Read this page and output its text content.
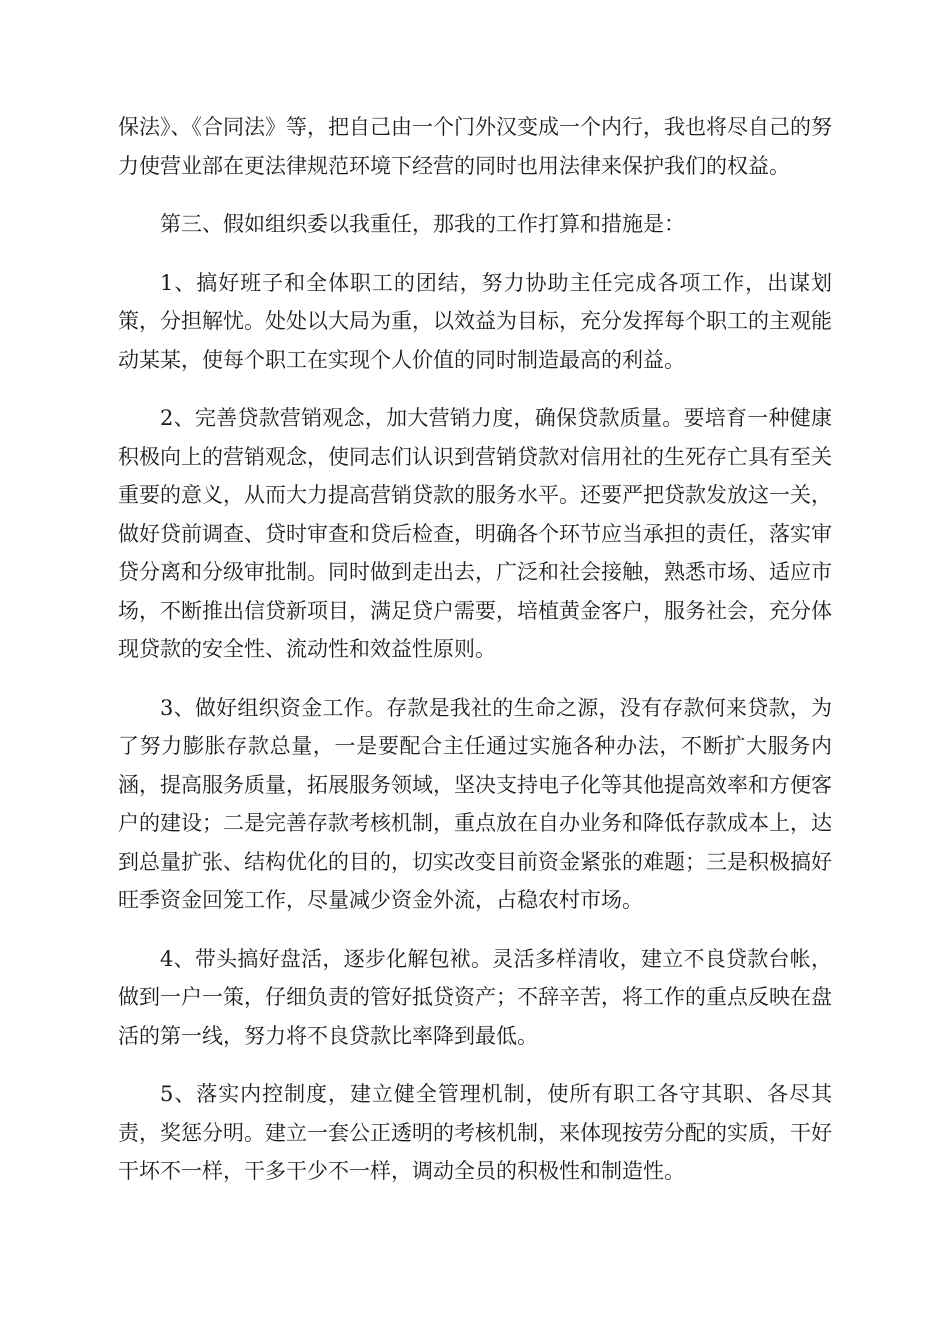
保法》、《合同法》等，把自己由一个门外汉变成一个内行，我也将尽自己的努力使营业部在更法律规范环境下经营的同时也用法律来保护我们的权益。

第三、假如组织委以我重任，那我的工作打算和措施是：

1、搞好班子和全体职工的团结，努力协助主任完成各项工作，出谋划策，分担解忧。处处以大局为重，以效益为目标，充分发挥每个职工的主观能动某某，使每个职工在实现个人价值的同时制造最高的利益。

2、完善贷款营销观念，加大营销力度，确保贷款质量。要培育一种健康积极向上的营销观念，使同志们认识到营销贷款对信用社的生死存亡具有至关重要的意义，从而大力提高营销贷款的服务水平。还要严把贷款发放这一关，做好贷前调查、贷时审查和贷后检查，明确各个环节应当承担的责任，落实审贷分离和分级审批制。同时做到走出去，广泛和社会接触，熟悉市场、适应市场，不断推出信贷新项目，满足贷户需要，培植黄金客户，服务社会，充分体现贷款的安全性、流动性和效益性原则。

3、做好组织资金工作。存款是我社的生命之源，没有存款何来贷款，为了努力膨胀存款总量，一是要配合主任通过实施各种办法，不断扩大服务内涵，提高服务质量，拓展服务领域，坚决支持电子化等其他提高效率和方便客户的建设；二是完善存款考核机制，重点放在自办业务和降低存款成本上，达到总量扩张、结构优化的目的，切实改变目前资金紧张的难题；三是积极搞好旺季资金回笼工作，尽量减少资金外流，占稳农村市场。

4、带头搞好盘活，逐步化解包袱。灵活多样清收，建立不良贷款台帐，做到一户一策，仔细负责的管好抵贷资产；不辞辛苦，将工作的重点反映在盘活的第一线，努力将不良贷款比率降到最低。

5、落实内控制度，建立健全管理机制，使所有职工各守其职、各尽其责，奖惩分明。建立一套公正透明的考核机制，来体现按劳分配的实质，干好干坏不一样，干多干少不一样，调动全员的积极性和制造性。
